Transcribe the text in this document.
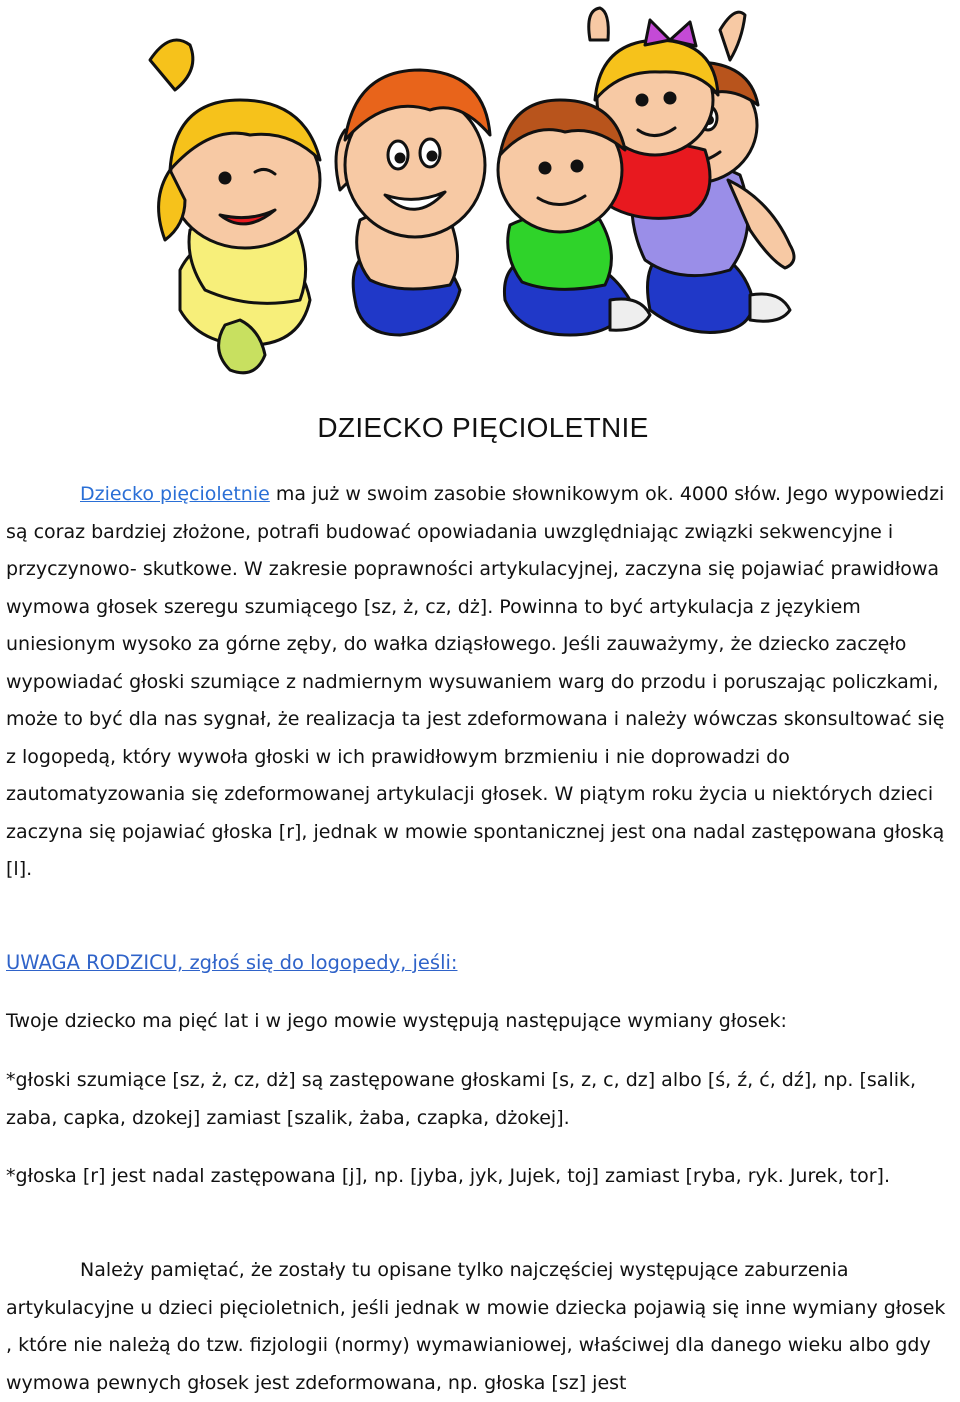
DZIECKO PIĘCIOLETNIE

Dziecko pięcioletnie ma już w swoim zasobie słownikowym ok. 4000 słów. Jego wypowiedzi są coraz bardziej złożone, potrafi budować opowiadania uwzględniając związki sekwencyjne i przyczynowo- skutkowe. W zakresie poprawności artykulacyjnej, zaczyna się pojawiać prawidłowa wymowa głosek szeregu szumiącego [sz, ż, cz, dż]. Powinna to być artykulacja z językiem uniesionym wysoko za górne zęby, do wałka dziąsłowego. Jeśli zauważymy, że dziecko zaczęło wypowiadać głoski szumiące z nadmiernym wysuwaniem warg do przodu i poruszając policzkami, może to być dla nas sygnał, że realizacja ta jest zdeformowana i należy wówczas skonsultować się z logopedą, który wywoła głoski w ich prawidłowym brzmieniu i nie doprowadzi do zautomatyzowania się zdeformowanej artykulacji głosek. W piątym roku życia u niektórych dzieci zaczyna się pojawiać głoska [r], jednak w mowie spontanicznej jest ona nadal zastępowana głoską [l].

UWAGA RODZICU, zgłoś się do logopedy, jeśli:

Twoje dziecko ma pięć lat i w jego mowie występują następujące wymiany głosek:

*głoski szumiące [sz, ż, cz, dż] są zastępowane głoskami [s, z, c, dz] albo [ś, ź, ć, dź], np. [salik, zaba, capka, dzokej] zamiast [szalik, żaba, czapka, dżokej].

*głoska [r] jest nadal zastępowana [j], np. [jyba, jyk, Jujek, toj] zamiast [ryba, ryk. Jurek, tor].

Należy pamiętać, że zostały tu opisane tylko najczęściej występujące zaburzenia artykulacyjne u dzieci pięcioletnich, jeśli jednak w mowie dziecka pojawią się inne wymiany głosek , które nie należą do tzw. fizjologii (normy) wymawianiowej, właściwej dla danego wieku albo gdy wymowa pewnych głosek jest zdeformowana, np. głoska [sz] jest
